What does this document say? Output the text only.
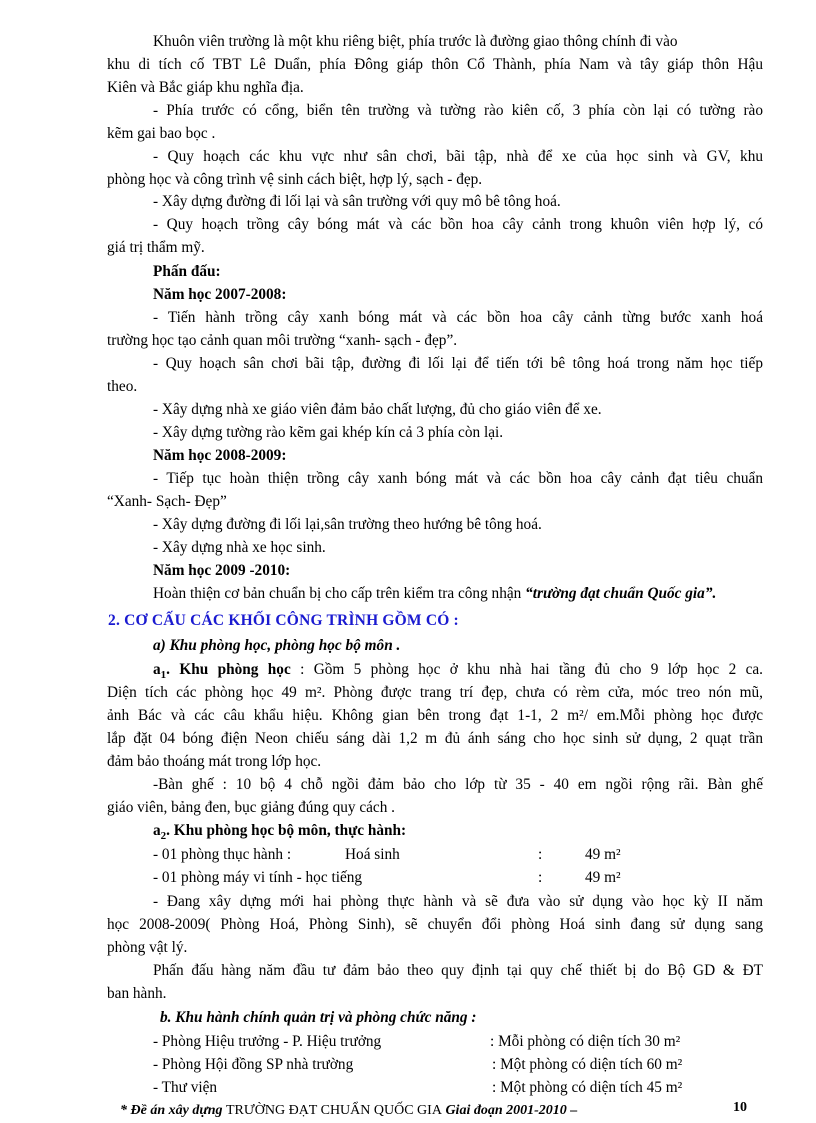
Khuôn viên trường là một khu riêng biệt, phía trước là đường giao thông chính đi vào
khu di tích cố TBT Lê Duẩn, phía Đông giáp thôn Cổ Thành, phía Nam và tây giáp thôn Hậu
Kiên và Bắc giáp khu nghĩa địa.
- Phía trước có cổng, biển tên trường và tường rào kiên cố, 3 phía còn lại có tường rào
kẽm gai bao bọc .
- Quy hoạch các khu vực như sân chơi, bãi tập, nhà để xe của học sinh và GV, khu
phòng học và công trình vệ sinh cách biệt, hợp lý, sạch - đẹp.
- Xây dựng đường đi lối lại và sân trường với quy mô bê tông hoá.
- Quy hoạch trồng cây bóng mát và các bồn hoa cây cảnh trong khuôn viên hợp lý, có
giá trị thẩm mỹ.
Phấn đấu:
Năm học 2007-2008:
- Tiến hành trồng cây xanh bóng mát và các bồn hoa cây cảnh từng bước xanh hoá
trường học tạo cảnh quan môi trường “xanh- sạch - đẹp”.
- Quy hoạch sân chơi bãi tập, đường đi lối lại để tiến tới bê tông hoá trong năm học tiếp
theo.
- Xây dựng nhà xe giáo viên đảm bảo chất lượng, đủ cho giáo viên để xe.
- Xây dựng tường rào kẽm gai khép kín cả 3 phía còn lại.
Năm học 2008-2009:
- Tiếp tục hoàn thiện trồng cây xanh bóng mát và các bồn hoa cây cảnh đạt tiêu chuẩn
“Xanh- Sạch- Đẹp”
- Xây dựng đường đi lối lại,sân trường theo hướng bê tông hoá.
- Xây dựng nhà xe học sinh.
Năm học 2009 -2010:
Hoàn thiện cơ bản chuẩn bị cho cấp trên kiểm tra công nhận “trường đạt chuẩn Quốc gia”.
2. CƠ CẤU CÁC KHỐI CÔNG TRÌNH GỒM CÓ :
a) Khu phòng học, phòng học bộ môn .
$a_1$. Khu phòng học : Gồm 5 phòng học ở khu nhà hai tầng đủ cho 9 lớp học 2 ca.
Diện tích các phòng học 49 m². Phòng được trang trí đẹp, chưa có rèm cửa, móc treo nón mũ,
ảnh Bác và các câu khẩu hiệu. Không gian bên trong đạt 1-1, 2 m²/ em.Mỗi phòng học được
lắp đặt 04 bóng điện Neon chiếu sáng dài 1,2 m đủ ánh sáng cho học sinh sử dụng, 2 quạt trần
đảm bảo thoáng mát trong lớp học.
-Bàn ghế : 10 bộ 4 chỗ ngồi đảm bảo cho lớp từ 35 - 40 em ngồi rộng rãi. Bàn ghế
giáo viên, bảng đen, bục giảng đúng quy cách .
$a_2$. Khu phòng học bộ môn, thực hành:
- 01 phòng thục hành :	Hoá sinh	:	49 m²
- 01 phòng máy vi tính - học tiếng	:	49 m²
- Đang xây dựng mới hai phòng thực hành và sẽ đưa vào sử dụng vào học kỳ II năm
học 2008-2009( Phòng Hoá, Phòng Sinh), sẽ chuyển đổi phòng Hoá sinh đang sử dụng sang
phòng vật lý.
Phấn đấu hàng năm đầu tư đảm bảo theo quy định tại quy chế thiết bị do Bộ GD & ĐT
ban hành.
b. Khu hành chính quản trị và phòng chức năng :
- Phòng Hiệu trưởng - P. Hiệu trưởng	: Mỗi phòng có diện tích 30 m²
- Phòng Hội đồng SP nhà trường	: Một phòng có diện tích 60 m²
- Thư viện	: Một phòng có diện tích 45 m²
* Đề án xây dựng TRƯỜNG ĐẠT CHUẨN QUỐC GIA Giai đoạn 2001-2010 –	10
